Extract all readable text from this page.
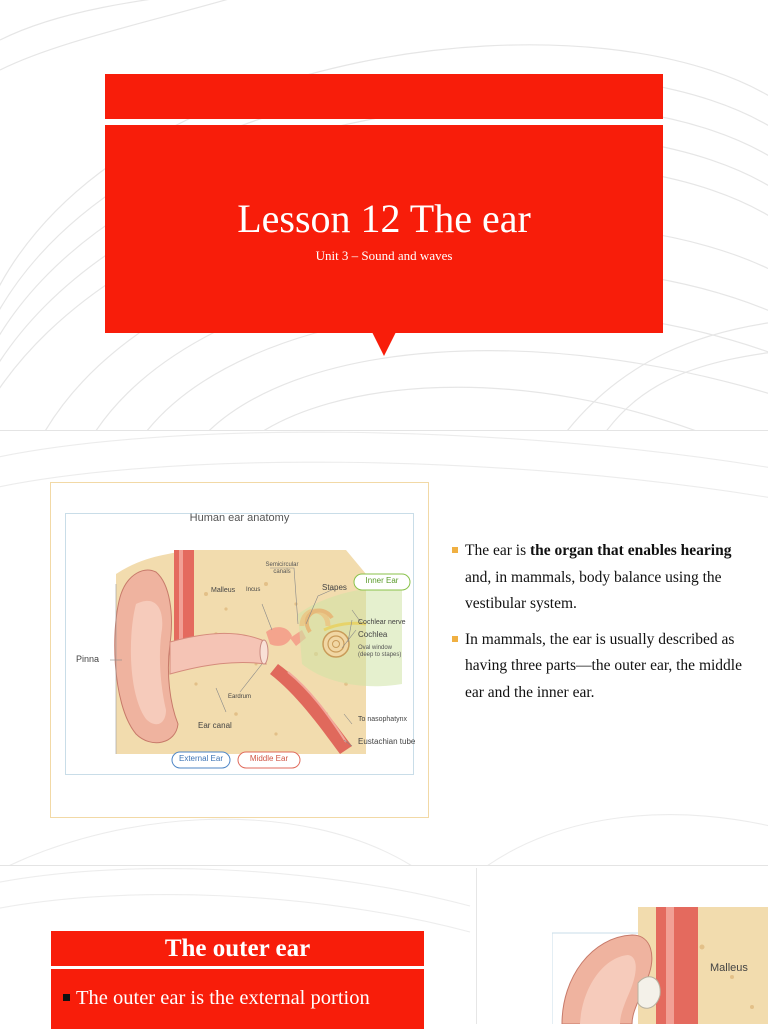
Lesson 12 The ear
Unit 3 – Sound and waves
Human ear anatomy
Semicircular canals
Malleus Incus	Stapes
Inner Ear
Cochlear nerve
Cochlea
Oval window
(deep to stapes)
Pinna
Eardrum
Ear canal
To nasophatynx
Eustachian tube
External Ear	Middle Ear
The ear is the organ that enables hearing and, in mammals, body balance using the vestibular system.
In mammals, the ear is usually described as having three parts—the outer ear, the middle ear and the inner ear.
The outer ear
The outer ear is the external portion
Malleus
